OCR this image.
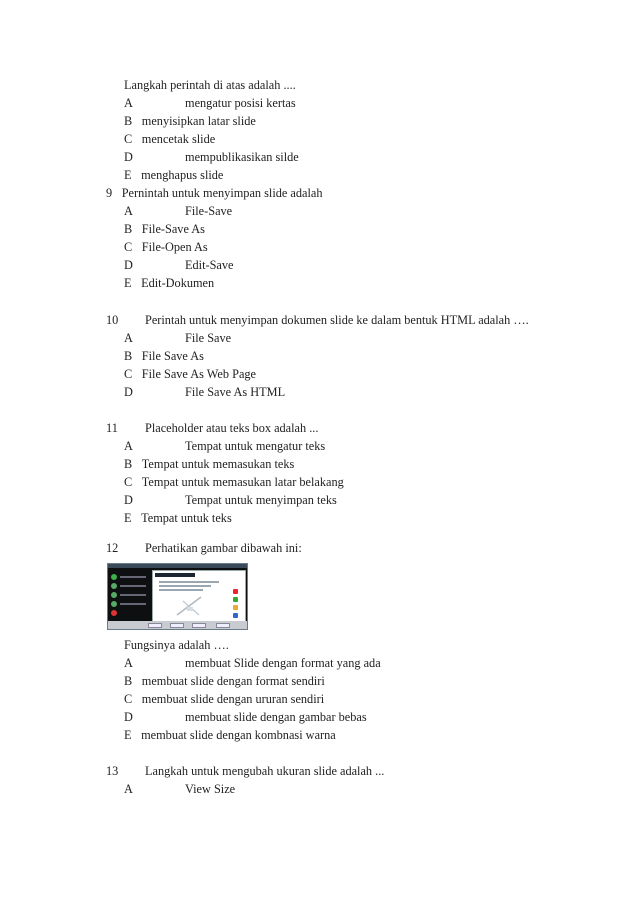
Langkah perintah di atas adalah ....
A	mengatur posisi kertas
B menyisipkan latar slide
C mencetak slide
D	mempublikasikan silde
E menghapus slide
9 Pernintah untuk menyimpan slide adalah
A	File-Save
B File-Save As
C File-Open As
D	Edit-Save
E Edit-Dokumen
10 Perintah untuk menyimpan dokumen slide ke dalam bentuk HTML adalah ….
A	File Save
B File Save As
C File Save As Web Page
D	File Save As HTML
11 Placeholder atau teks box adalah ...
A	Tempat untuk mengatur teks
B Tempat untuk memasukan teks
C Tempat untuk memasukan latar belakang
D	Tempat untuk menyimpan teks
E Tempat untuk teks
12 Perhatikan gambar dibawah ini:
Fungsinya adalah ….
A	membuat Slide dengan format yang ada
B membuat slide dengan format sendiri
C membuat slide dengan ururan sendiri
D	membuat slide dengan gambar bebas
E membuat slide dengan kombnasi warna
13 Langkah untuk mengubah ukuran slide adalah ...
A	View Size
